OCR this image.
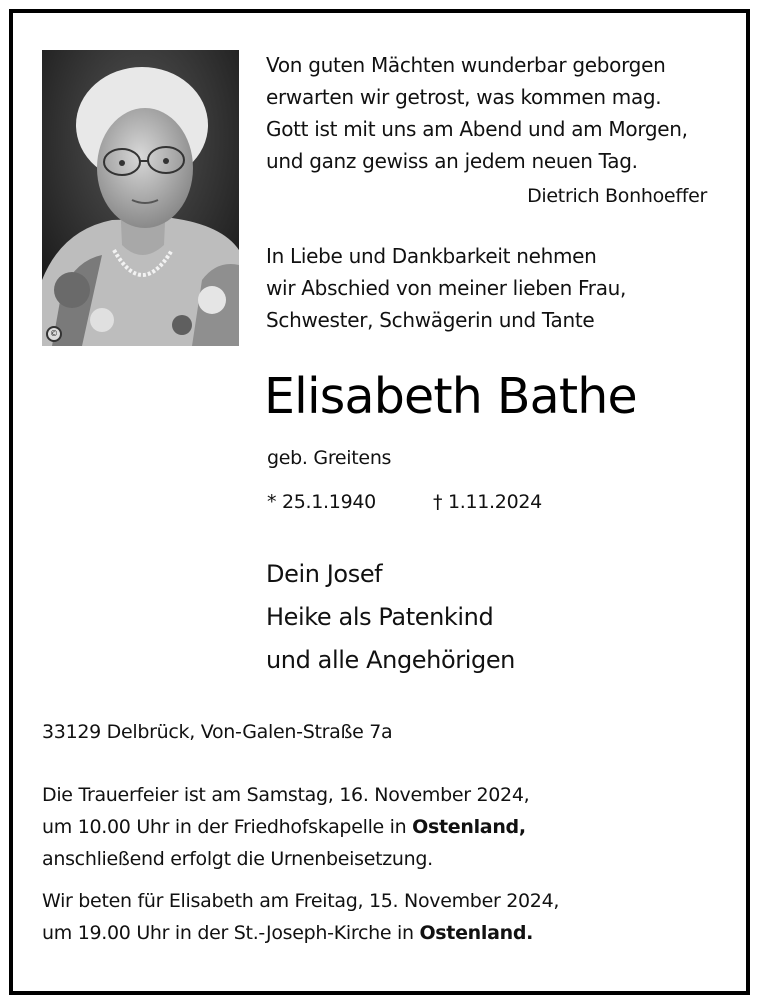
©
Von guten Mächten wunderbar geborgen
erwarten wir getrost, was kommen mag.
Gott ist mit uns am Abend und am Morgen,
und ganz gewiss an jedem neuen Tag.
Dietrich Bonhoeffer
In Liebe und Dankbarkeit nehmen
wir Abschied von meiner lieben Frau,
Schwester, Schwägerin und Tante
Elisabeth Bathe
geb. Greitens
* 25.1.1940	† 1.11.2024
Dein Josef
Heike als Patenkind
und alle Angehörigen
33129 Delbrück, Von-Galen-Straße 7a
Die Trauerfeier ist am Samstag, 16. November 2024,
um 10.00 Uhr in der Friedhofskapelle in Ostenland,
anschließend erfolgt die Urnenbeisetzung.
Wir beten für Elisabeth am Freitag, 15. November 2024,
um 19.00 Uhr in der St.-Joseph-Kirche in Ostenland.
